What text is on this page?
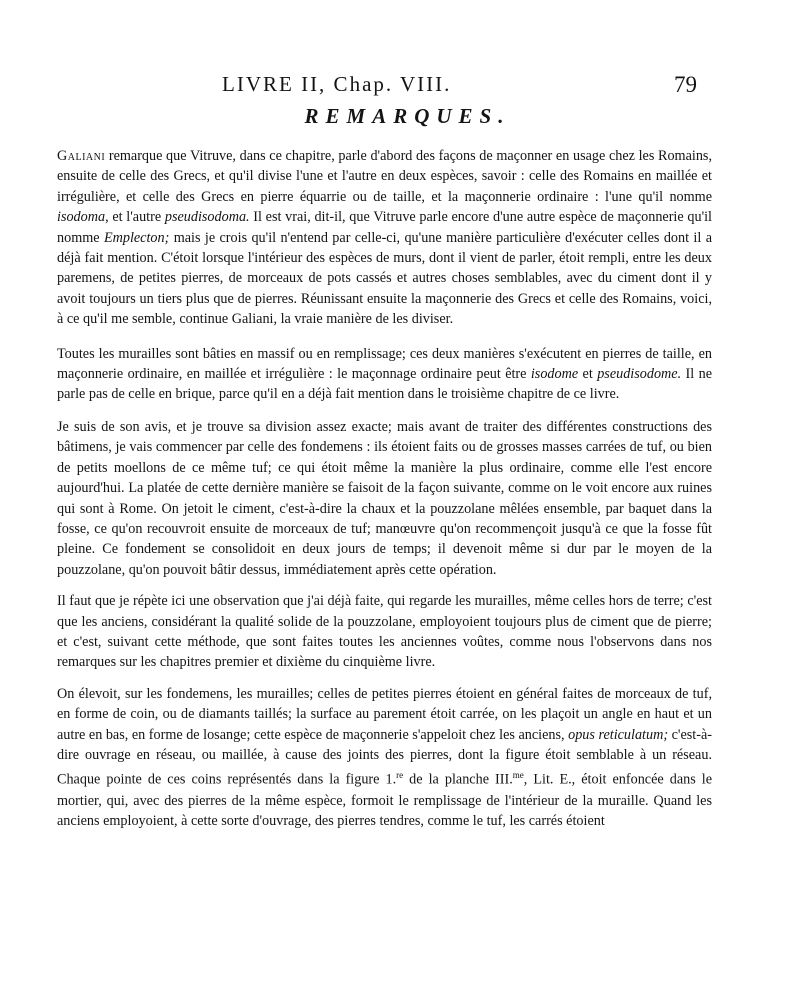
LIVRE II, Chap. VIII.	79
REMARQUES.

Galiani remarque que Vitruve, dans ce chapitre, parle d'abord des façons de maçonner en usage chez les Romains, ensuite de celle des Grecs, et qu'il divise l'une et l'autre en deux espèces, savoir : celle des Romains en maillée et irrégulière, et celle des Grecs en pierre équarrie ou de taille, et la maçonnerie ordinaire : l'une qu'il nomme isodoma, et l'autre pseudisodoma. Il est vrai, dit-il, que Vitruve parle encore d'une autre espèce de maçonnerie qu'il nomme Emplecton; mais je crois qu'il n'entend par celle-ci, qu'une manière particulière d'exécuter celles dont il a déjà fait mention. C'étoit lorsque l'intérieur des espèces de murs, dont il vient de parler, étoit rempli, entre les deux paremens, de petites pierres, de morceaux de pots cassés et autres choses semblables, avec du ciment dont il y avoit toujours un tiers plus que de pierres. Réunissant ensuite la maçonnerie des Grecs et celle des Romains, voici, à ce qu'il me semble, continue Galiani, la vraie manière de les diviser.

Toutes les murailles sont bâties en massif ou en remplissage; ces deux manières s'exécutent en pierres de taille, en maçonnerie ordinaire, en maillée et irrégulière : le maçonnage ordinaire peut être isodome et pseudisodome. Il ne parle pas de celle en brique, parce qu'il en a déjà fait mention dans le troisième chapitre de ce livre.

Je suis de son avis, et je trouve sa division assez exacte; mais avant de traiter des différentes constructions des bâtimens, je vais commencer par celle des fondemens : ils étoient faits ou de grosses masses carrées de tuf, ou bien de petits moellons de ce même tuf; ce qui étoit même la manière la plus ordinaire, comme elle l'est encore aujourd'hui. La platée de cette dernière manière se faisoit de la façon suivante, comme on le voit encore aux ruines qui sont à Rome. On jetoit le ciment, c'est-à-dire la chaux et la pouzzolane mêlées ensemble, par baquet dans la fosse, ce qu'on recouvroit ensuite de morceaux de tuf; manœuvre qu'on recommençoit jusqu'à ce que la fosse fût pleine. Ce fondement se consolidoit en deux jours de temps; il devenoit même si dur par le moyen de la pouzzolane, qu'on pouvoit bâtir dessus, immédiatement après cette opération.

Il faut que je répète ici une observation que j'ai déjà faite, qui regarde les murailles, même celles hors de terre; c'est que les anciens, considérant la qualité solide de la pouzzolane, employoient toujours plus de ciment que de pierre; et c'est, suivant cette méthode, que sont faites toutes les anciennes voûtes, comme nous l'observons dans nos remarques sur les chapitres premier et dixième du cinquième livre.

On élevoit, sur les fondemens, les murailles; celles de petites pierres étoient en général faites de morceaux de tuf, en forme de coin, ou de diamants taillés; la surface au parement étoit carrée, on les plaçoit un angle en haut et un autre en bas, en forme de losange; cette espèce de maçonnerie s'appeloit chez les anciens, opus reticulatum; c'est-à-dire ouvrage en réseau, ou maillée, à cause des joints des pierres, dont la figure étoit semblable à un réseau. Chaque pointe de ces coins représentés dans la figure 1.$^{re}$ de la planche III.$^{me}$, Lit. E., étoit enfoncée dans le mortier, qui, avec des pierres de la même espèce, formoit le remplissage de l'intérieur de la muraille. Quand les anciens employoient, à cette sorte d'ouvrage, des pierres tendres, comme le tuf, les carrés étoient
